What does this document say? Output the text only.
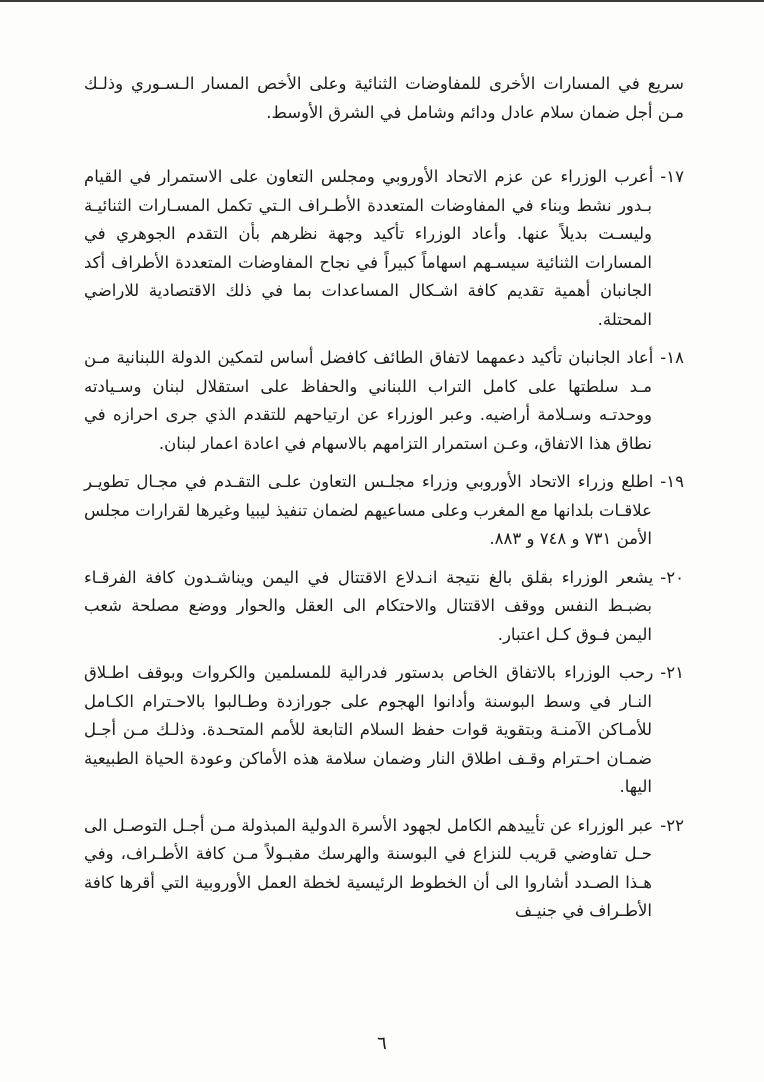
سريع في المسارات الأخرى للمفاوضات الثنائية وعلى الأخص المسار الـسـوري وذلـك مـن أجل ضمان سلام عادل ودائم وشامل في الشرق الأوسط.

١٧-أعرب الوزراء عن عزم الاتحاد الأوروبي ومجلس التعاون على الاستمرار في القيام بـدور نشط وبناء في المفاوضات المتعددة الأطـراف الـتي تكمل المسـارات الثنائيـة وليسـت بديلاً عنها. وأعاد الوزراء تأكيد وجهة نظرهم بأن التقدم الجوهري في المسارات الثنائية سيسـهم اسهاماً كبيراً في نجاح المفاوضات المتعددة الأطراف أكد الجانبان أهمية تقديم كافة اشـكال المساعدات بما في ذلك الاقتصادية للاراضي المحتلة.

١٨-أعاد الجانبان تأكيد دعمهما لاتفاق الطائف كافضل أساس لتمكين الدولة اللبنانية مـن مـد سلطتها على كامل التراب اللبناني والحفاظ على استقلال لبنان وسـيادته ووحدتـه وسـلامة أراضيه. وعبر الوزراء عن ارتياحهم للتقدم الذي جرى احرازه في نطاق هذا الاتفاق، وعـن استمرار التزامهم بالاسهام في اعادة اعمار لبنان.

١٩-اطلع وزراء الاتحاد الأوروبي وزراء مجلـس التعاون علـى التقـدم في مجـال تطويـر علاقـات بلدانها مع المغرب وعلى مساعيهم لضمان تنفيذ ليبيا وغيرها لقرارات مجلس الأمن ٧٣١ و ٧٤٨ و ٨٨٣.

٢٠-يشعر الوزراء بقلق بالغ نتيجة انـدلاع الاقتتال في اليمن ويناشـدون كافة الفرقـاء بضبـط النفس ووقف الاقتتال والاحتكام الى العقل والحوار ووضع مصلحة شعب اليمن فـوق كـل اعتبار.

٢١-رحب الوزراء بالاتفاق الخاص بدستور فدرالية للمسلمين والكروات وبوقف اطـلاق النـار في وسط البوسنة وأدانوا الهجوم على جورازدة وطـالبوا بالاحـترام الكـامل للأمـاكن الآمنـة وبتقوية قوات حفظ السلام التابعة للأمم المتحـدة. وذلـك مـن أجـل ضمـان احـترام وقـف اطلاق النار وضمان سلامة هذه الأماكن وعودة الحياة الطبيعية اليها.

٢٢-عبر الوزراء عن تأييدهم الكامل لجهود الأسرة الدولية المبذولة مـن أجـل التوصـل الى حـل تفاوضي قريب للنزاع في البوسنة والهرسك مقبـولاً مـن كافة الأطـراف، وفي هـذا الصـدد أشاروا الى أن الخطوط الرئيسية لخطة العمل الأوروبية التي أقرها كافة الأطـراف في جنيـف

٦
